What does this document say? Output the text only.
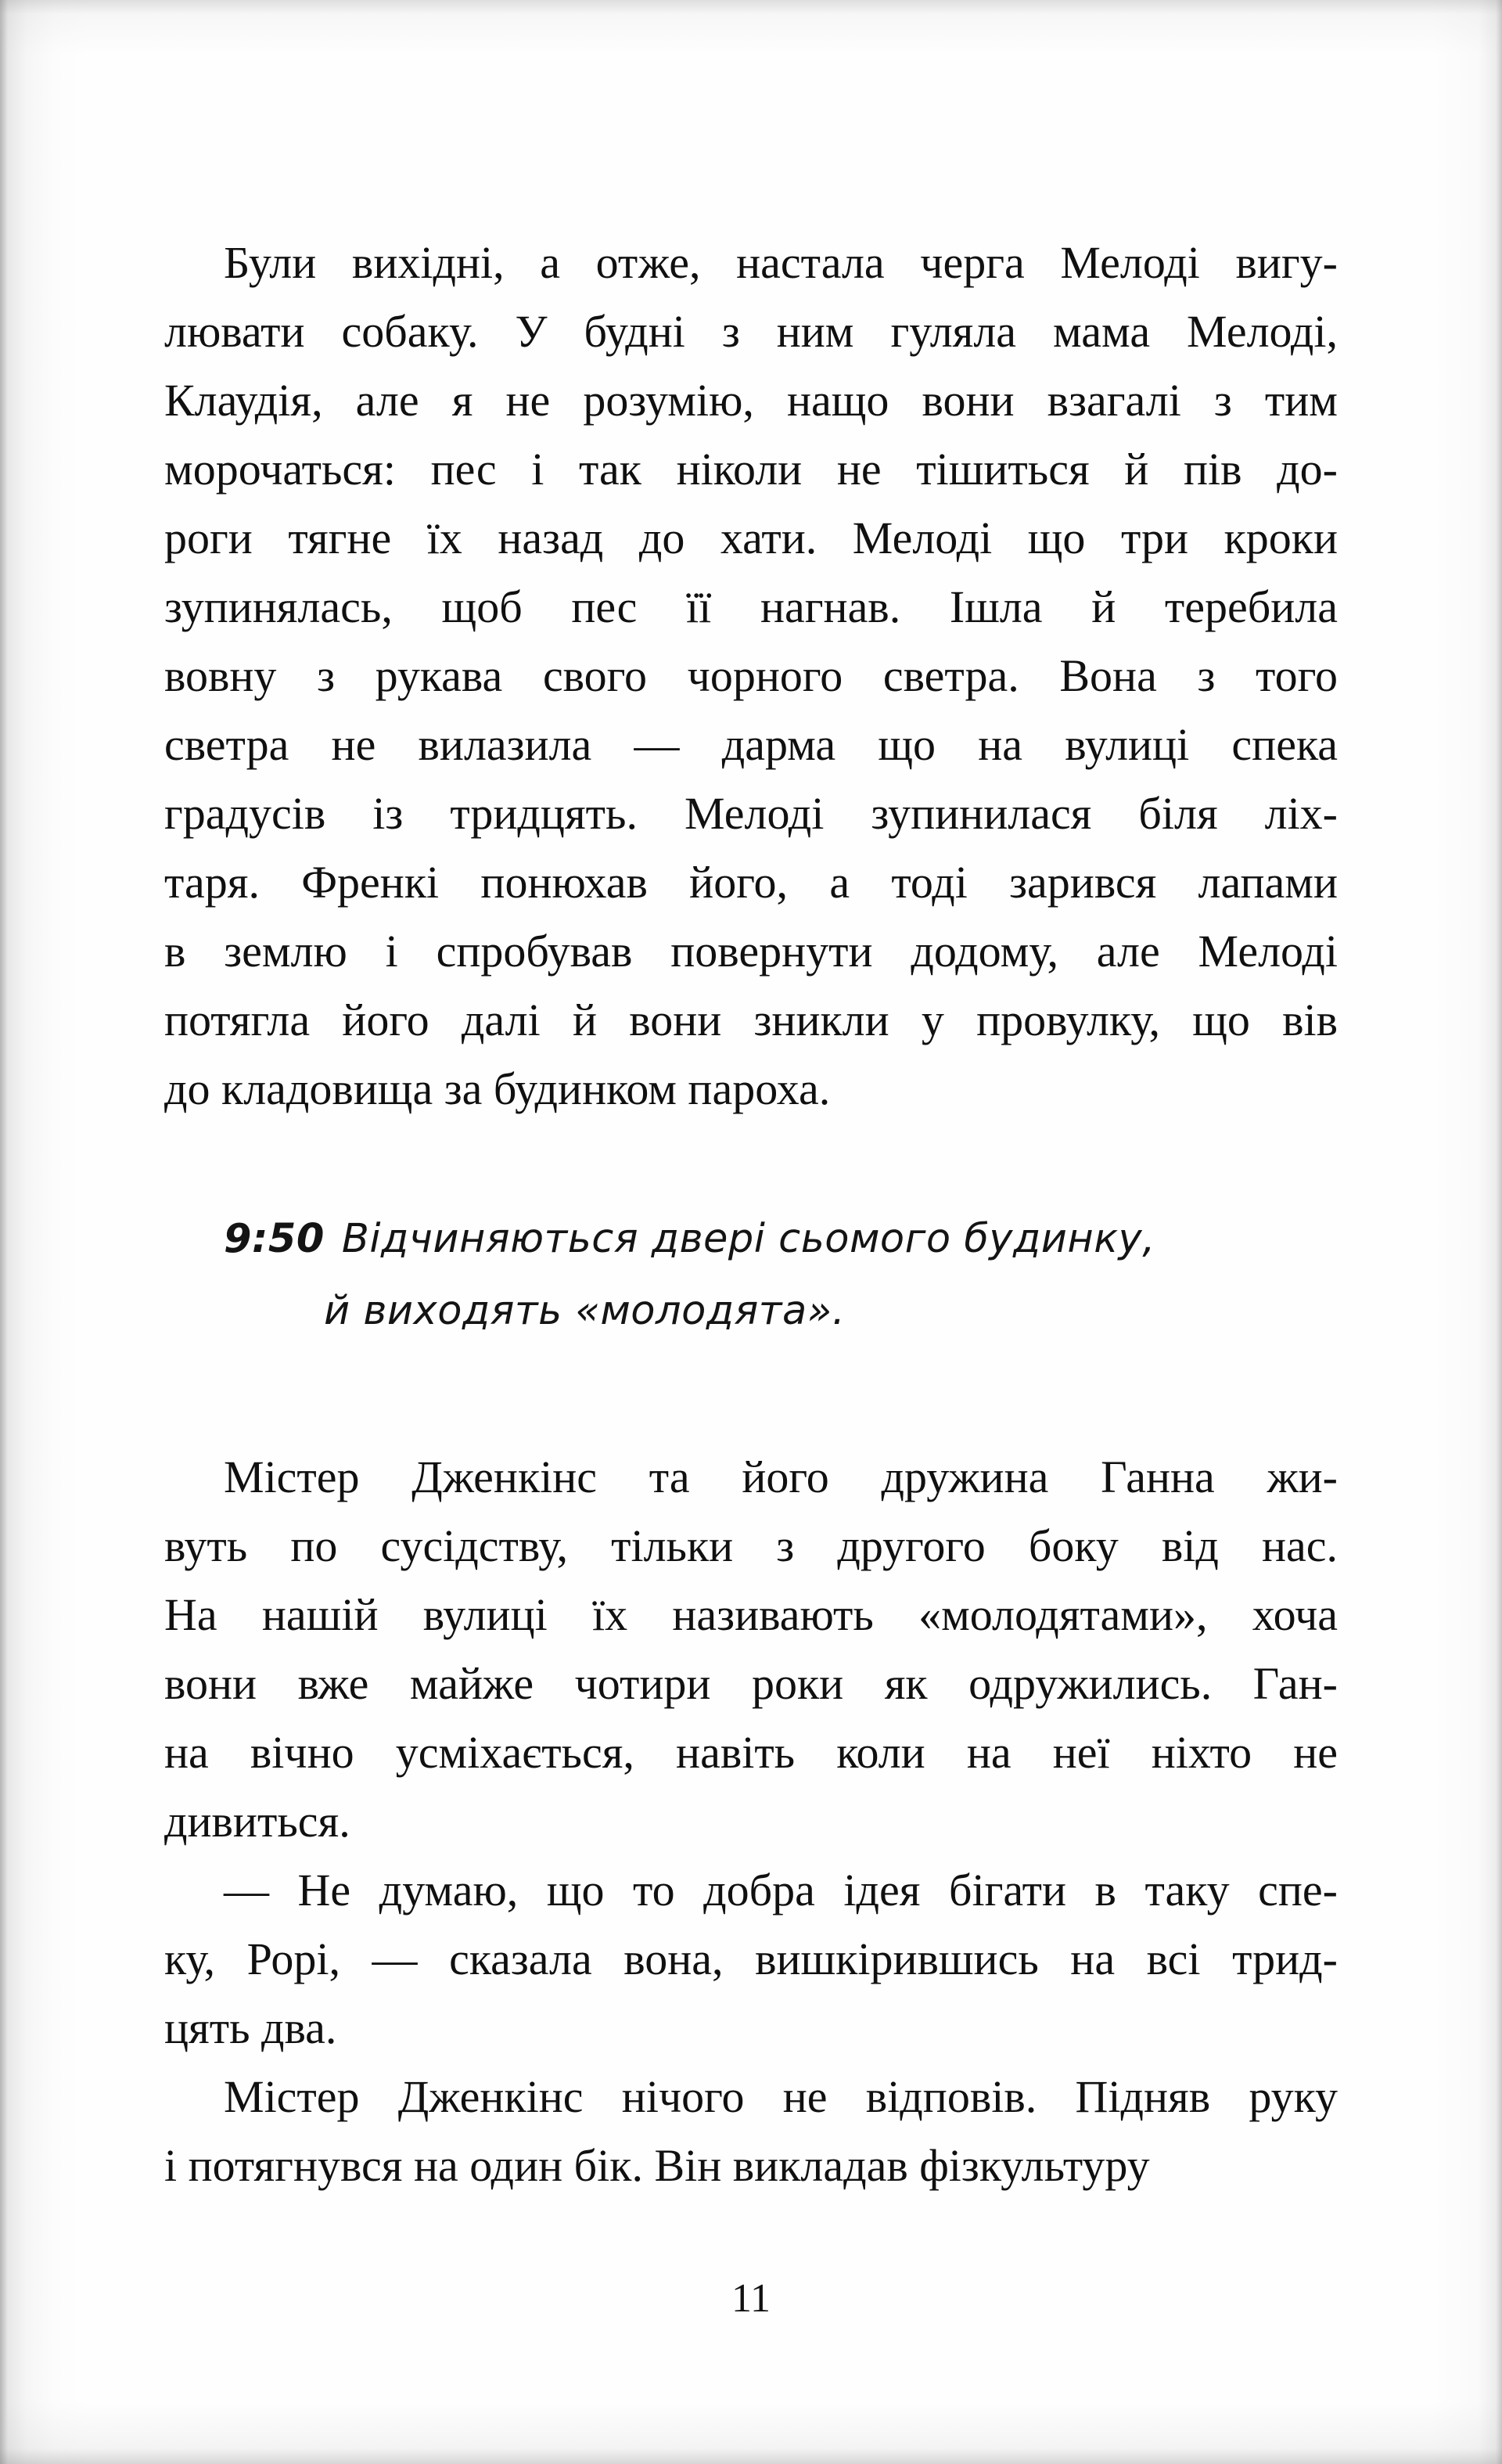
Були вихідні, а отже, настала черга Мелоді вигу-
лювати собаку. У будні з ним гуляла мама Мелоді,
Клаудія, але я не розумію, нащо вони взагалі з тим
морочаться: пес і так ніколи не тішиться й пів до-
роги тягне їх назад до хати. Мелоді що три кроки
зупинялась, щоб пес її нагнав. Ішла й теребила
вовну з рукава свого чорного светра. Вона з того
светра не вилазила — дарма що на вулиці спека
градусів із тридцять. Мелоді зупинилася біля ліх-
таря. Френкі понюхав його, а тоді зарився лапами
в землю і спробував повернути додому, але Мелоді
потягла його далі й вони зникли у провулку, що вів
до кладовища за будинком пароха.
9:50 Відчиняються двері сьомого будинку,
й виходять «молодята».
Містер Дженкінс та його дружина Ганна жи-
вуть по сусідству, тільки з другого боку від нас.
На нашій вулиці їх називають «молодятами», хоча
вони вже майже чотири роки як одружились. Ган-
на вічно усміхається, навіть коли на неї ніхто не
дивиться.
— Не думаю, що то добра ідея бігати в таку спе-
ку, Рорі, — сказала вона, вишкірившись на всі трид-
цять два.
Містер Дженкінс нічого не відповів. Підняв руку
і потягнувся на один бік. Він викладав фізкультуру
11
